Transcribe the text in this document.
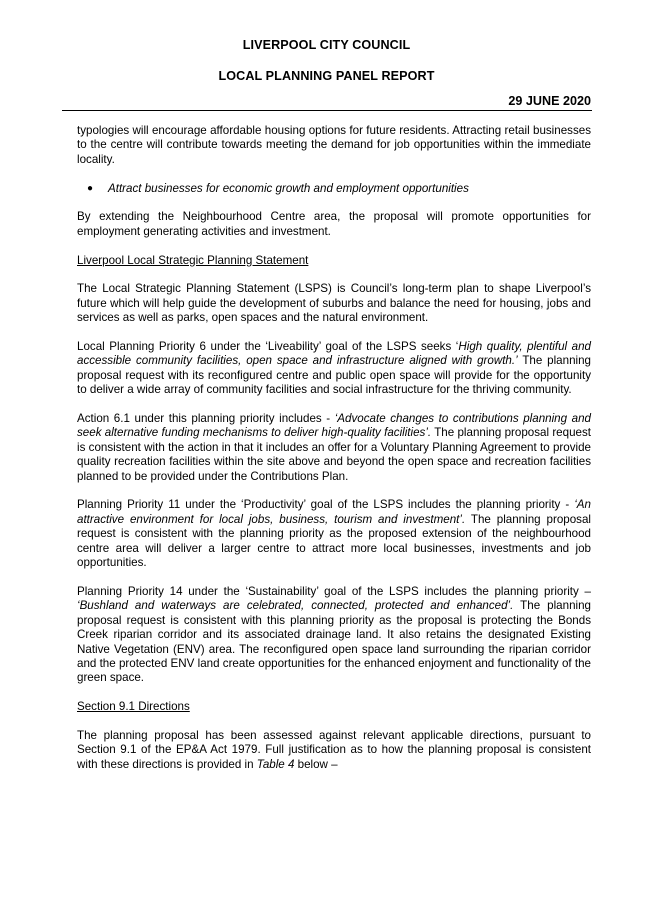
LIVERPOOL CITY COUNCIL
LOCAL PLANNING PANEL REPORT
29 JUNE 2020

typologies will encourage affordable housing options for future residents. Attracting retail businesses to the centre will contribute towards meeting the demand for job opportunities within the immediate locality.

●	Attract businesses for economic growth and employment opportunities

By extending the Neighbourhood Centre area, the proposal will promote opportunities for employment generating activities and investment.

Liverpool Local Strategic Planning Statement

The Local Strategic Planning Statement (LSPS) is Council’s long-term plan to shape Liverpool’s future which will help guide the development of suburbs and balance the need for housing, jobs and services as well as parks, open spaces and the natural environment.

Local Planning Priority 6 under the ‘Liveability’ goal of the LSPS seeks ‘High quality, plentiful and accessible community facilities, open space and infrastructure aligned with growth.’ The planning proposal request with its reconfigured centre and public open space will provide for the opportunity to deliver a wide array of community facilities and social infrastructure for the thriving community.

Action 6.1 under this planning priority includes - ‘Advocate changes to contributions planning and seek alternative funding mechanisms to deliver high-quality facilities’. The planning proposal request is consistent with the action in that it includes an offer for a Voluntary Planning Agreement to provide quality recreation facilities within the site above and beyond the open space and recreation facilities planned to be provided under the Contributions Plan.

Planning Priority 11 under the ‘Productivity’ goal of the LSPS includes the planning priority - ‘An attractive environment for local jobs, business, tourism and investment’. The planning proposal request is consistent with the planning priority as the proposed extension of the neighbourhood centre area will deliver a larger centre to attract more local businesses, investments and job opportunities.

Planning Priority 14 under the ‘Sustainability’ goal of the LSPS includes the planning priority – ‘Bushland and waterways are celebrated, connected, protected and enhanced’. The planning proposal request is consistent with this planning priority as the proposal is protecting the Bonds Creek riparian corridor and its associated drainage land. It also retains the designated Existing Native Vegetation (ENV) area. The reconfigured open space land surrounding the riparian corridor and the protected ENV land create opportunities for the enhanced enjoyment and functionality of the green space.

Section 9.1 Directions

The planning proposal has been assessed against relevant applicable directions, pursuant to Section 9.1 of the EP&A Act 1979. Full justification as to how the planning proposal is consistent with these directions is provided in Table 4 below –
